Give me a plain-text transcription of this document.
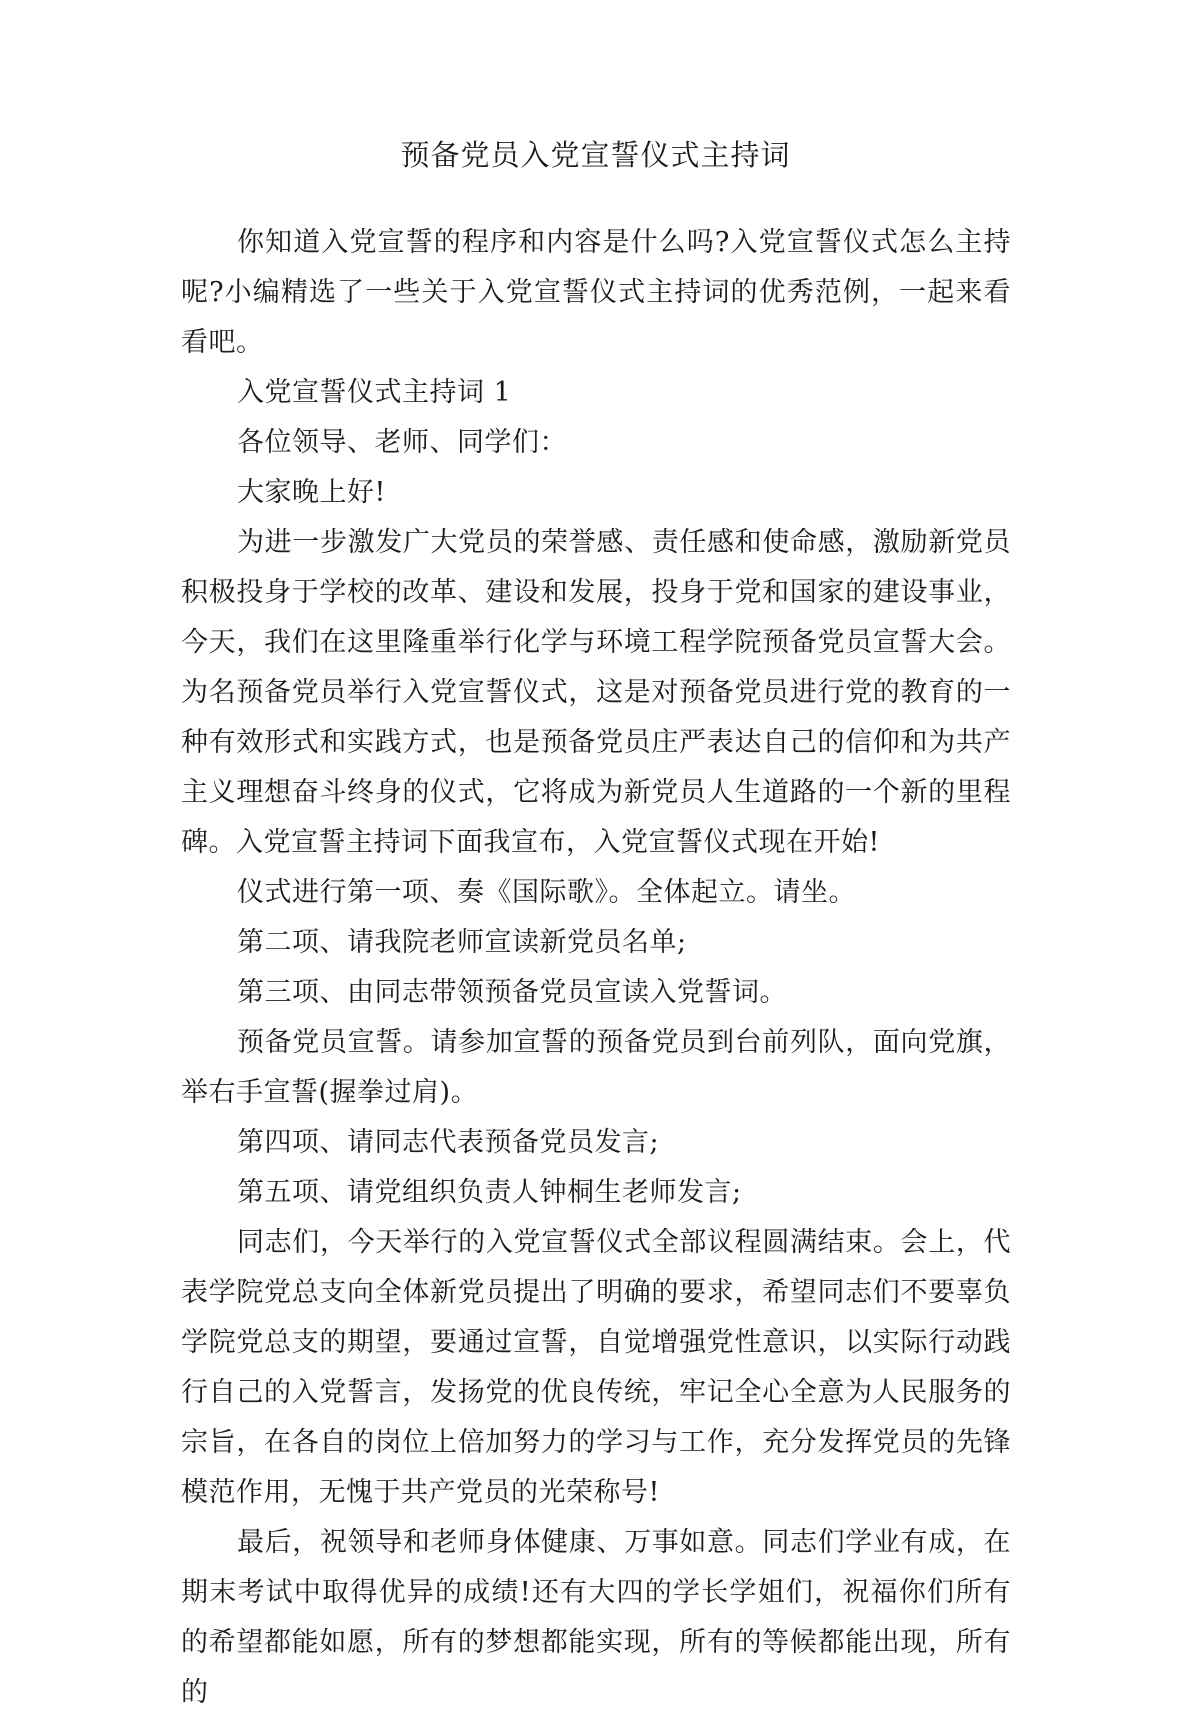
预备党员入党宣誓仪式主持词

你知道入党宣誓的程序和内容是什么吗?入党宣誓仪式怎么主持呢?小编精选了一些关于入党宣誓仪式主持词的优秀范例，一起来看看吧。

入党宣誓仪式主持词 1

各位领导、老师、同学们：

大家晚上好!

为进一步激发广大党员的荣誉感、责任感和使命感，激励新党员积极投身于学校的改革、建设和发展，投身于党和国家的建设事业，今天，我们在这里隆重举行化学与环境工程学院预备党员宣誓大会。为名预备党员举行入党宣誓仪式，这是对预备党员进行党的教育的一种有效形式和实践方式，也是预备党员庄严表达自己的信仰和为共产主义理想奋斗终身的仪式，它将成为新党员人生道路的一个新的里程碑。入党宣誓主持词下面我宣布，入党宣誓仪式现在开始!

仪式进行第一项、奏《国际歌》。全体起立。请坐。

第二项、请我院老师宣读新党员名单;

第三项、由同志带领预备党员宣读入党誓词。

预备党员宣誓。请参加宣誓的预备党员到台前列队，面向党旗，举右手宣誓(握拳过肩)。

第四项、请同志代表预备党员发言;

第五项、请党组织负责人钟桐生老师发言;

同志们，今天举行的入党宣誓仪式全部议程圆满结束。会上，代表学院党总支向全体新党员提出了明确的要求，希望同志们不要辜负学院党总支的期望，要通过宣誓，自觉增强党性意识，以实际行动践行自己的入党誓言，发扬党的优良传统，牢记全心全意为人民服务的宗旨，在各自的岗位上倍加努力的学习与工作，充分发挥党员的先锋模范作用，无愧于共产党员的光荣称号!

最后，祝领导和老师身体健康、万事如意。同志们学业有成，在期末考试中取得优异的成绩!还有大四的学长学姐们，祝福你们所有的希望都能如愿，所有的梦想都能实现，所有的等候都能出现，所有的
